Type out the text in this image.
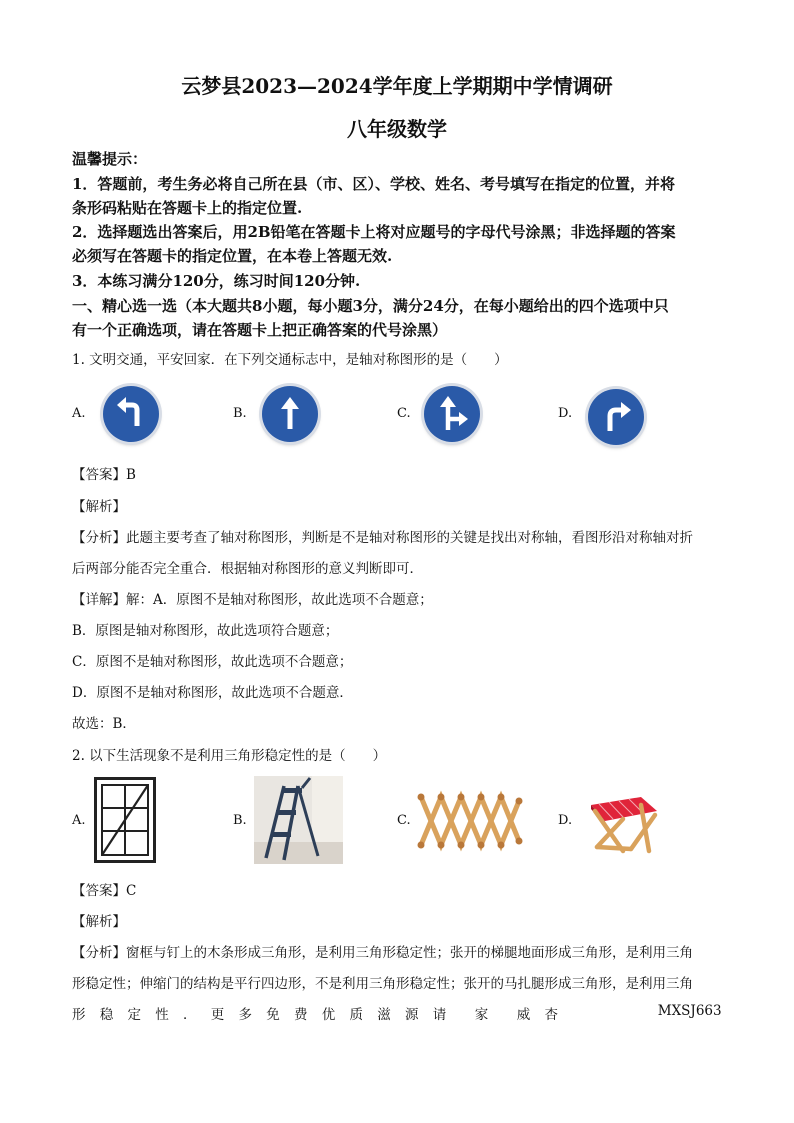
云梦县2023—2024学年度上学期期中学情调研
八年级数学
温馨提示：
1．答题前，考生务必将自己所在县（市、区）、学校、姓名、考号填写在指定的位置，并将
条形码粘贴在答题卡上的指定位置.
2．选择题选出答案后，用2B铅笔在答题卡上将对应题号的字母代号涂黑；非选择题的答案
必须写在答题卡的指定位置，在本卷上答题无效.
3．本练习满分120分，练习时间120分钟.
一、精心选一选（本大题共8小题，每小题3分，满分24分，在每小题给出的四个选项中只
有一个正确选项，请在答题卡上把正确答案的代号涂黑）
1. 文明交通，平安回家．在下列交通标志中，是轴对称图形的是（　　）
A.	B.	C.	D.
【答案】B
【解析】
【分析】此题主要考查了轴对称图形，判断是不是轴对称图形的关键是找出对称轴，看图形沿对称轴对折
后两部分能否完全重合．根据轴对称图形的意义判断即可．
【详解】解：A．原图不是轴对称图形，故此选项不合题意；
B．原图是轴对称图形，故此选项符合题意；
C．原图不是轴对称图形，故此选项不合题意；
D．原图不是轴对称图形，故此选项不合题意．
故选：B．
2. 以下生活现象不是利用三角形稳定性的是（　　）
A.	B.	C.	D.
【答案】C
【解析】
【分析】窗框与钉上的木条形成三角形，是利用三角形稳定性；张开的梯腿地面形成三角形，是利用三角
形稳定性；伸缩门的结构是平行四边形，不是利用三角形稳定性；张开的马扎腿形成三角形，是利用三角
形 稳 定 性 ． 更 多 免 费 优 质 滋 源 请 家 威 杏	MXSJ663
